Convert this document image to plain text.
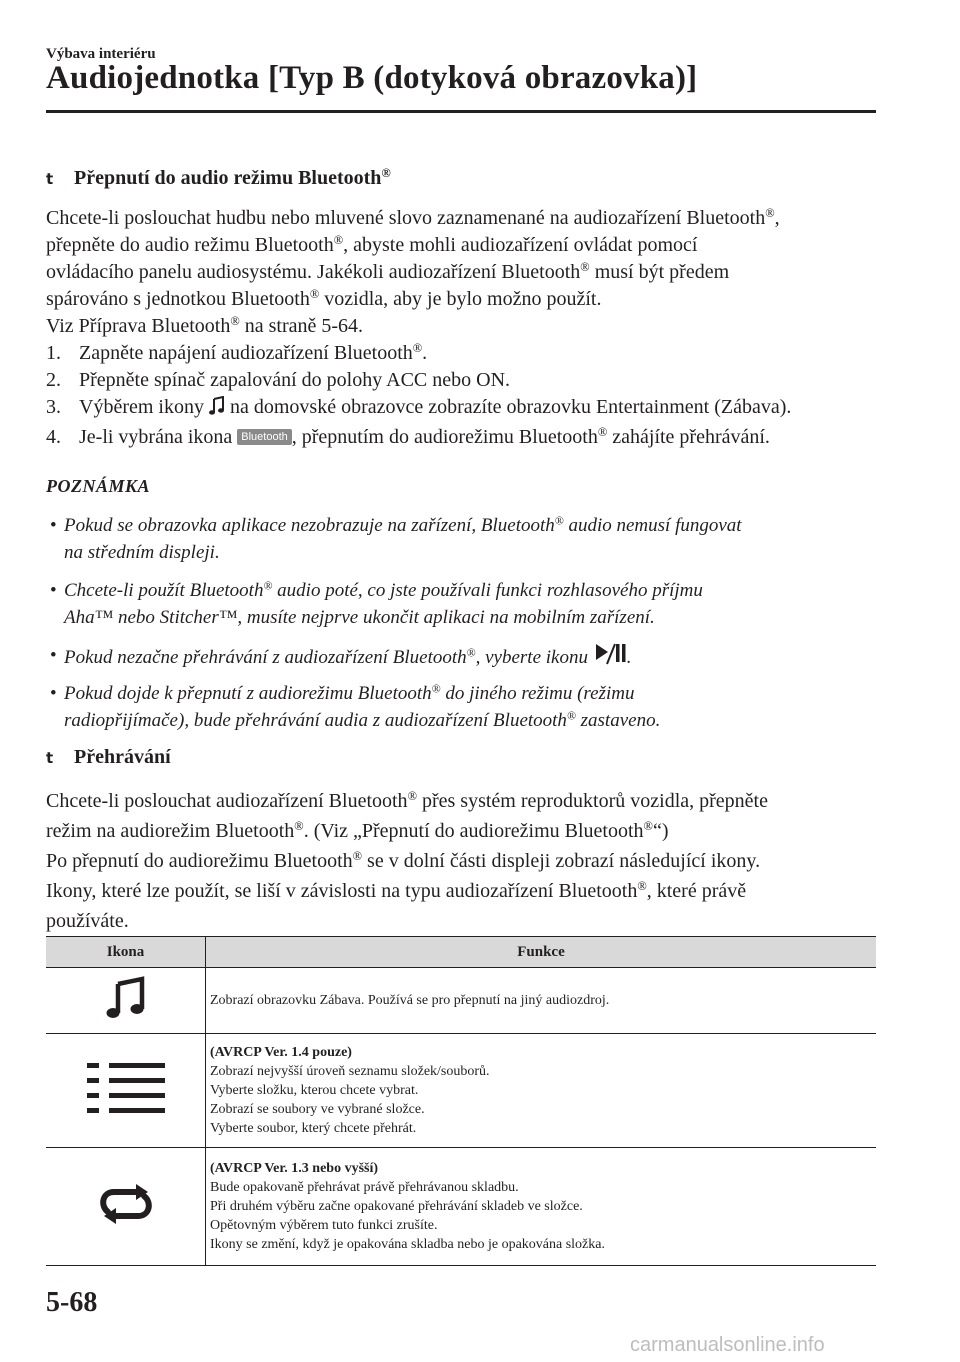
Výbava interiéru
Audiojednotka [Typ B (dotyková obrazovka)]
t Přepnutí do audio režimu Bluetooth®

Chcete-li poslouchat hudbu nebo mluvené slovo zaznamenané na audiozařízení Bluetooth®,

přepněte do audio režimu Bluetooth®, abyste mohli audiozařízení ovládat pomocí

ovládacího panelu audiosystému. Jakékoli audiozařízení Bluetooth® musí být předem

spárováno s jednotkou Bluetooth® vozidla, aby je bylo možno použít.

Viz Příprava Bluetooth® na straně 5-64.

1. Zapněte napájení audiozařízení Bluetooth®.
2. Přepněte spínač zapalování do polohy ACC nebo ON.
3. Výběrem ikony na domovské obrazovce zobrazíte obrazovku Entertainment (Zábava).
4. Je-li vybrána ikona Bluetooth , přepnutím do audiorežimu Bluetooth® zahájíte přehrávání.
POZNÁMKA
• Pokud se obrazovka aplikace nezobrazuje na zařízení, Bluetooth® audio nemusí fungovat
na středním displeji.
• Chcete-li použít Bluetooth® audio poté, co jste používali funkci rozhlasového příjmu
Aha™ nebo Stitcher™, musíte nejprve ukončit aplikaci na mobilním zařízení.
• Pokud nezačne přehrávání z audiozařízení Bluetooth®, vyberte ikonu .
• Pokud dojde k přepnutí z audiorežimu Bluetooth® do jiného režimu (režimu
radiopřijímače), bude přehrávání audia z audiozařízení Bluetooth® zastaveno.
t Přehrávání

Chcete-li poslouchat audiozařízení Bluetooth® přes systém reproduktorů vozidla, přepněte

režim na audiorežim Bluetooth®. (Viz „Přepnutí do audiorežimu Bluetooth®“)

Po přepnutí do audiorežimu Bluetooth® se v dolní části displeji zobrazí následující ikony.

Ikony, které lze použít, se liší v závislosti na typu audiozařízení Bluetooth®, které právě

používáte.

Ikona	Funkce
	Zobrazí obrazovku Zábava. Používá se pro přepnutí na jiný audiozdroj.

(AVRCP Ver. 1.4 pouze)
Zobrazí nejvyšší úroveň seznamu složek/souborů.
Vyberte složku, kterou chcete vybrat.
Zobrazí se soubory ve vybrané složce.
Vyberte soubor, který chcete přehrát.

(AVRCP Ver. 1.3 nebo vyšší)
Bude opakovaně přehrávat právě přehrávanou skladbu.
Při druhém výběru začne opakované přehrávání skladeb ve složce.
Opětovným výběrem tuto funkci zrušíte.
Ikony se změní, když je opakována skladba nebo je opakována složka.
5-68
carmanualsonline.info
